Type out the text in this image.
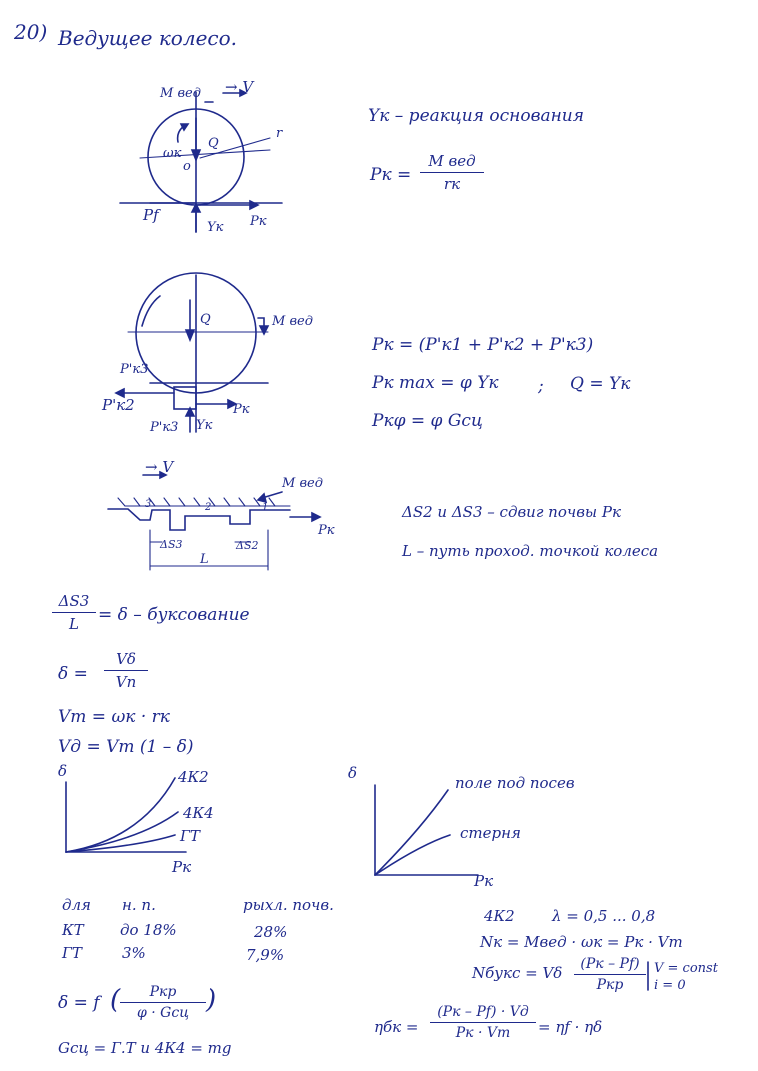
20) Ведущее колесо.
M вед → V
Q
r
ωк
o
Pf
Yк Pк
Yк – реакция основания
Pк =
M вед
rк
Q	M вед
P'к3
P'к2
P'к3
Pк
Yк
Pк = (P'к1 + P'к2 + P'к3)
Pк max = φ Yк ; Q = Yк
Pкφ = φ Gсц
→ V
M вед
3	2	1
ΔS3	ΔS2
L
Pк
ΔS2 и ΔS3 – сдвиг почвы Pк
L – путь проход. точкой колеса
$\frac{\Delta S3}{L} = \delta$ – буксование
δ =
Vδ
Vп
Vт = ωк · rк
Vд = Vт (1 – δ)
δ
Pк
4К2
4К4
ГТ
δ
Pк
поле под посев
стерня
для н. п.	рыхл. почв.
КТ до 18%	28%
ГТ	3%	7,9%
4К2 λ = 0,5 ... 0,8
Nк = Mвед · ωк = Pк · Vт
Nбукс = Vδ	(Pк – Pf)
Pкр
V = const
i = 0
ηбк =
(Pк – Pf) · Vд
Pк · Vт	= ηf · ηδ
δ = f (	Pкр
φ · Gсц )
Gсц = Г.Т и 4К4 = mg
